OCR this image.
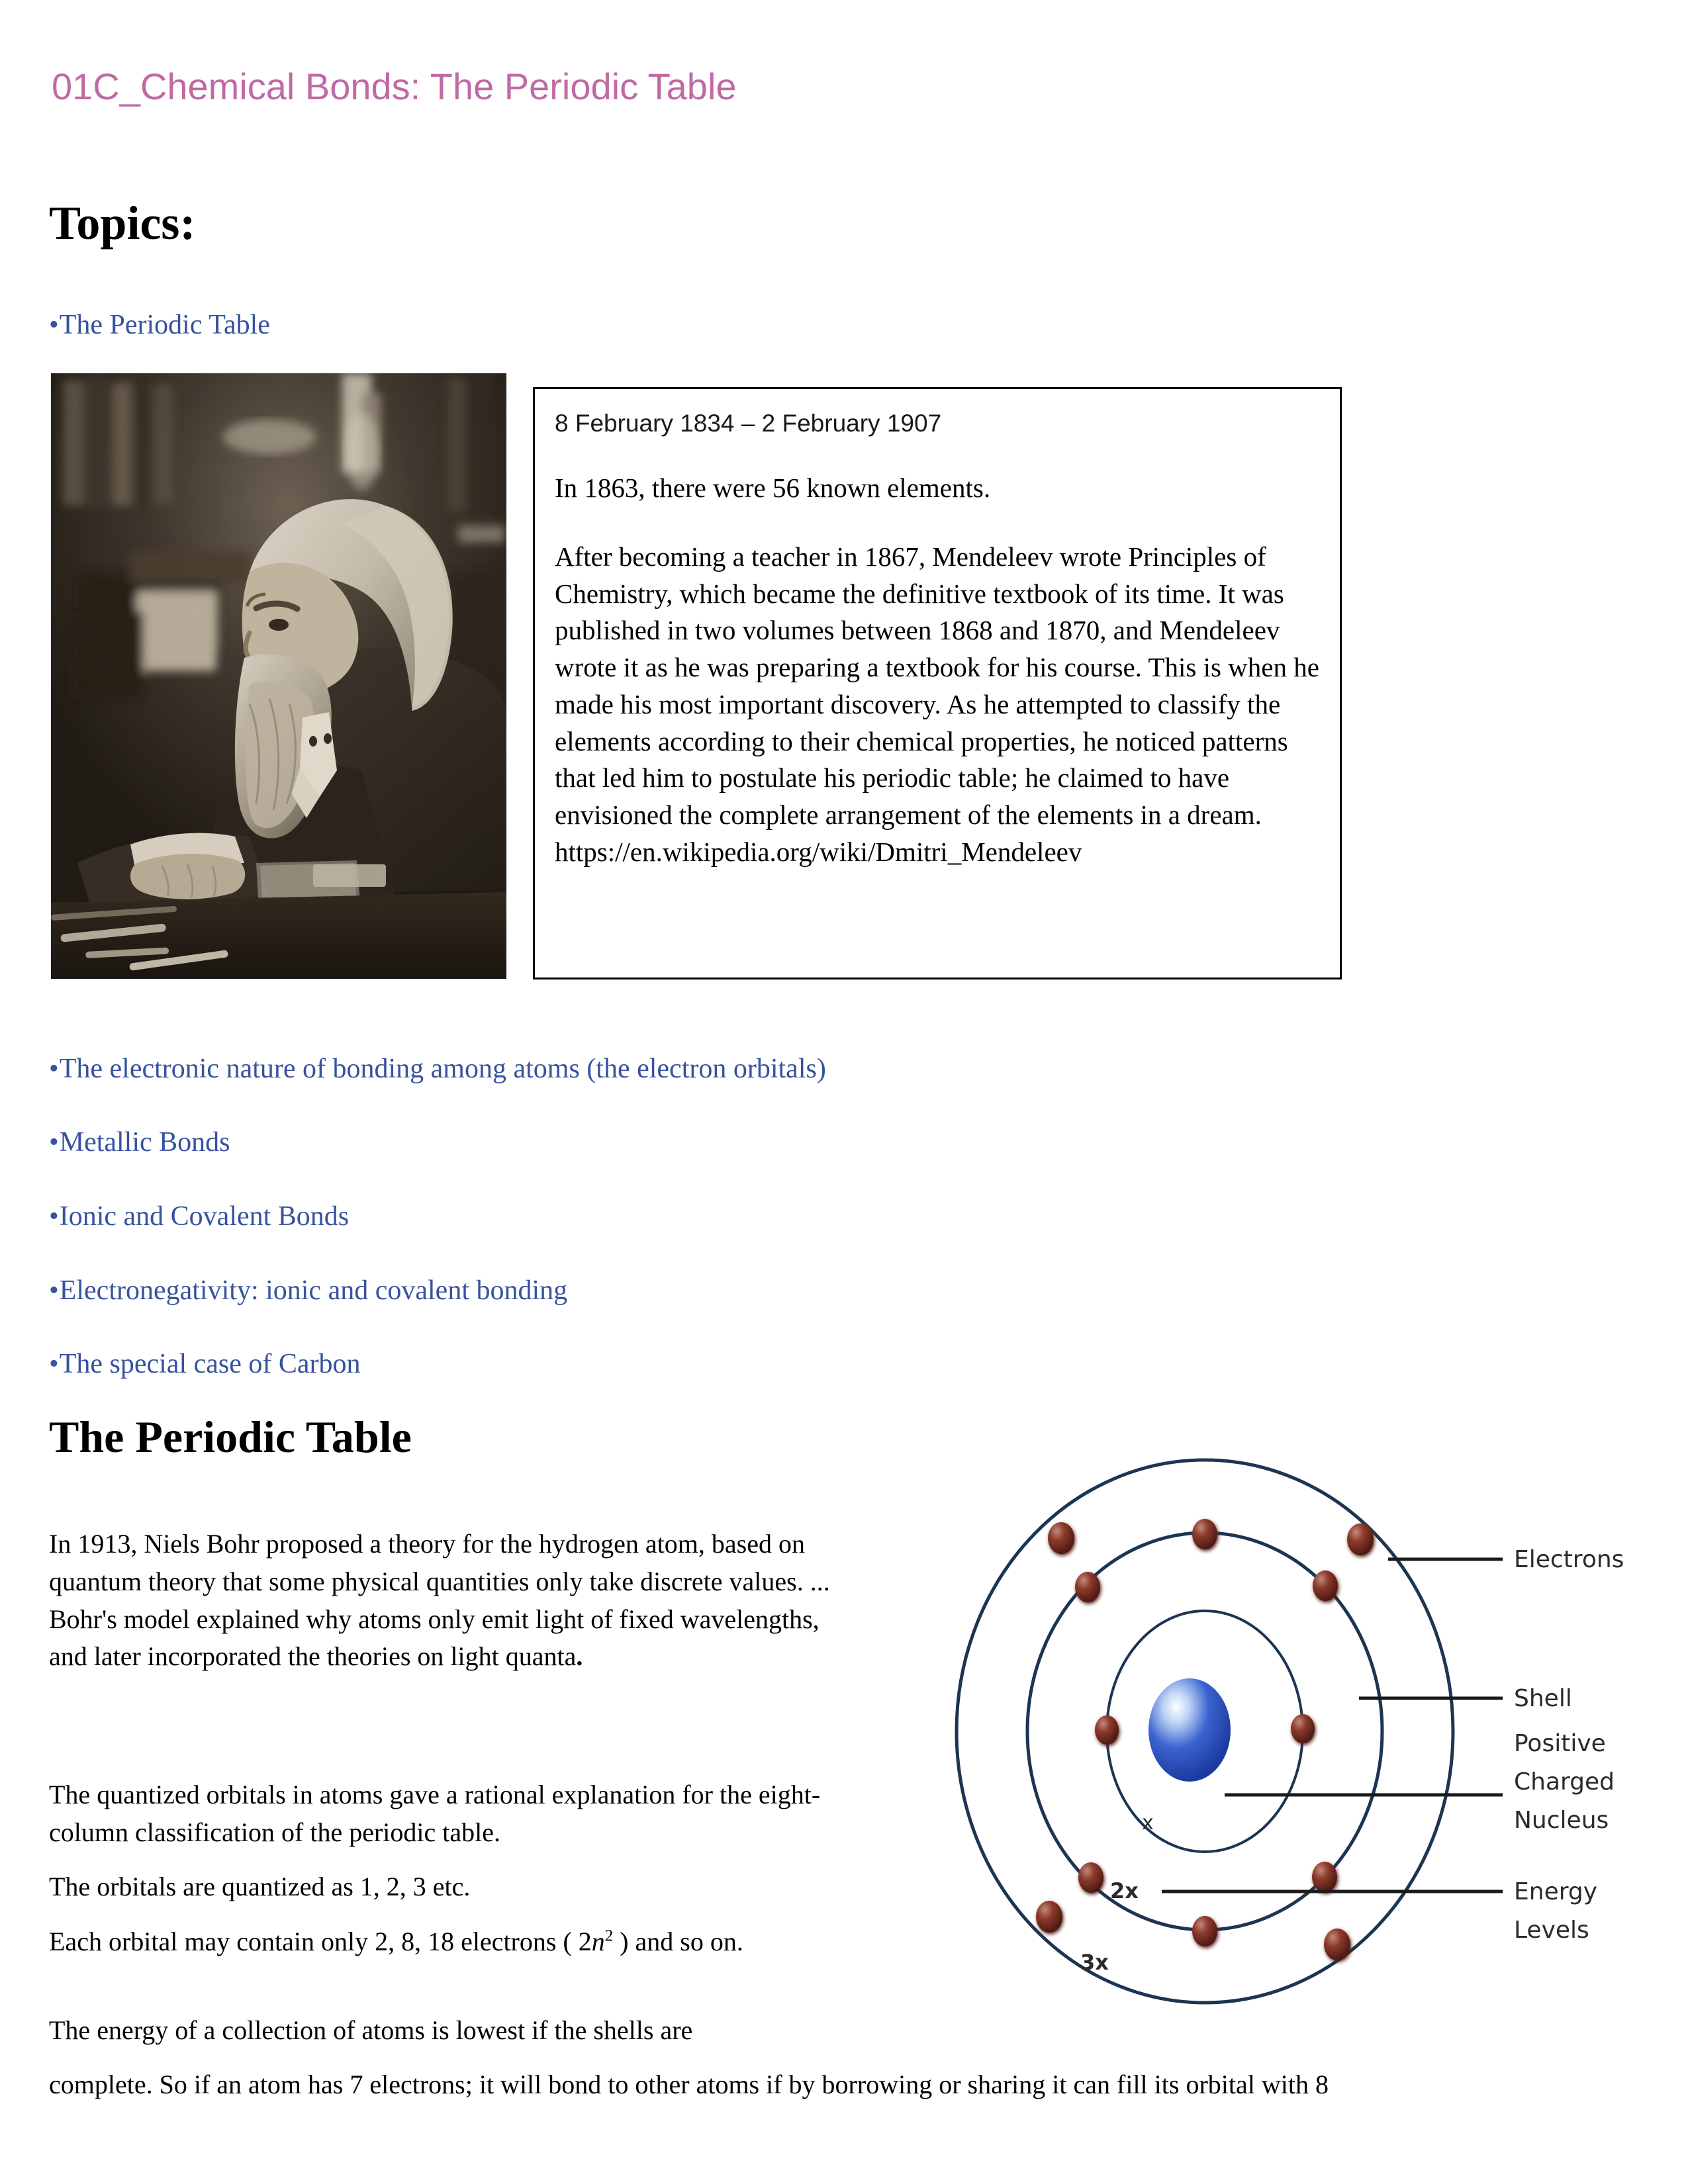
01C_Chemical Bonds: The Periodic Table
Topics:
•The Periodic Table

8 February 1834 – 2 February 1907

In 1863, there were 56 known elements.

After becoming a teacher in 1867, Mendeleev wrote Principles of Chemistry, which became the definitive textbook of its time. It was published in two volumes between 1868 and 1870, and Mendeleev wrote it as he was preparing a textbook for his course. This is when he made his most important discovery. As he attempted to classify the elements according to their chemical properties, he noticed patterns that led him to postulate his periodic table; he claimed to have envisioned the complete arrangement of the elements in a dream.

https://en.wikipedia.org/wiki/Dmitri_Mendeleev

•The electronic nature of bonding among atoms (the electron orbitals)
•Metallic Bonds
•Ionic and Covalent Bonds
•Electronegativity: ionic and covalent bonding
•The special case of Carbon
The Periodic Table
In 1913, Niels Bohr proposed a theory for the hydrogen atom, based on quantum theory that some physical quantities only take discrete values. ... Bohr's model explained why atoms only emit light of fixed wavelengths, and later incorporated the theories on light quanta.
The quantized orbitals in atoms gave a rational explanation for the eight-column classification of the periodic table.
The orbitals are quantized as 1, 2, 3 etc.
Each orbital may contain only 2, 8, 18 electrons ( $2n^2$ ) and so on.
The energy of a collection of atoms is lowest if the shells are
complete. So if an atom has 7 electrons; it will bond to other atoms if by borrowing or sharing it can fill its orbital with 8
x
2x
3x
Electrons
Shell
Positive
Charged
Nucleus
Energy
Levels
